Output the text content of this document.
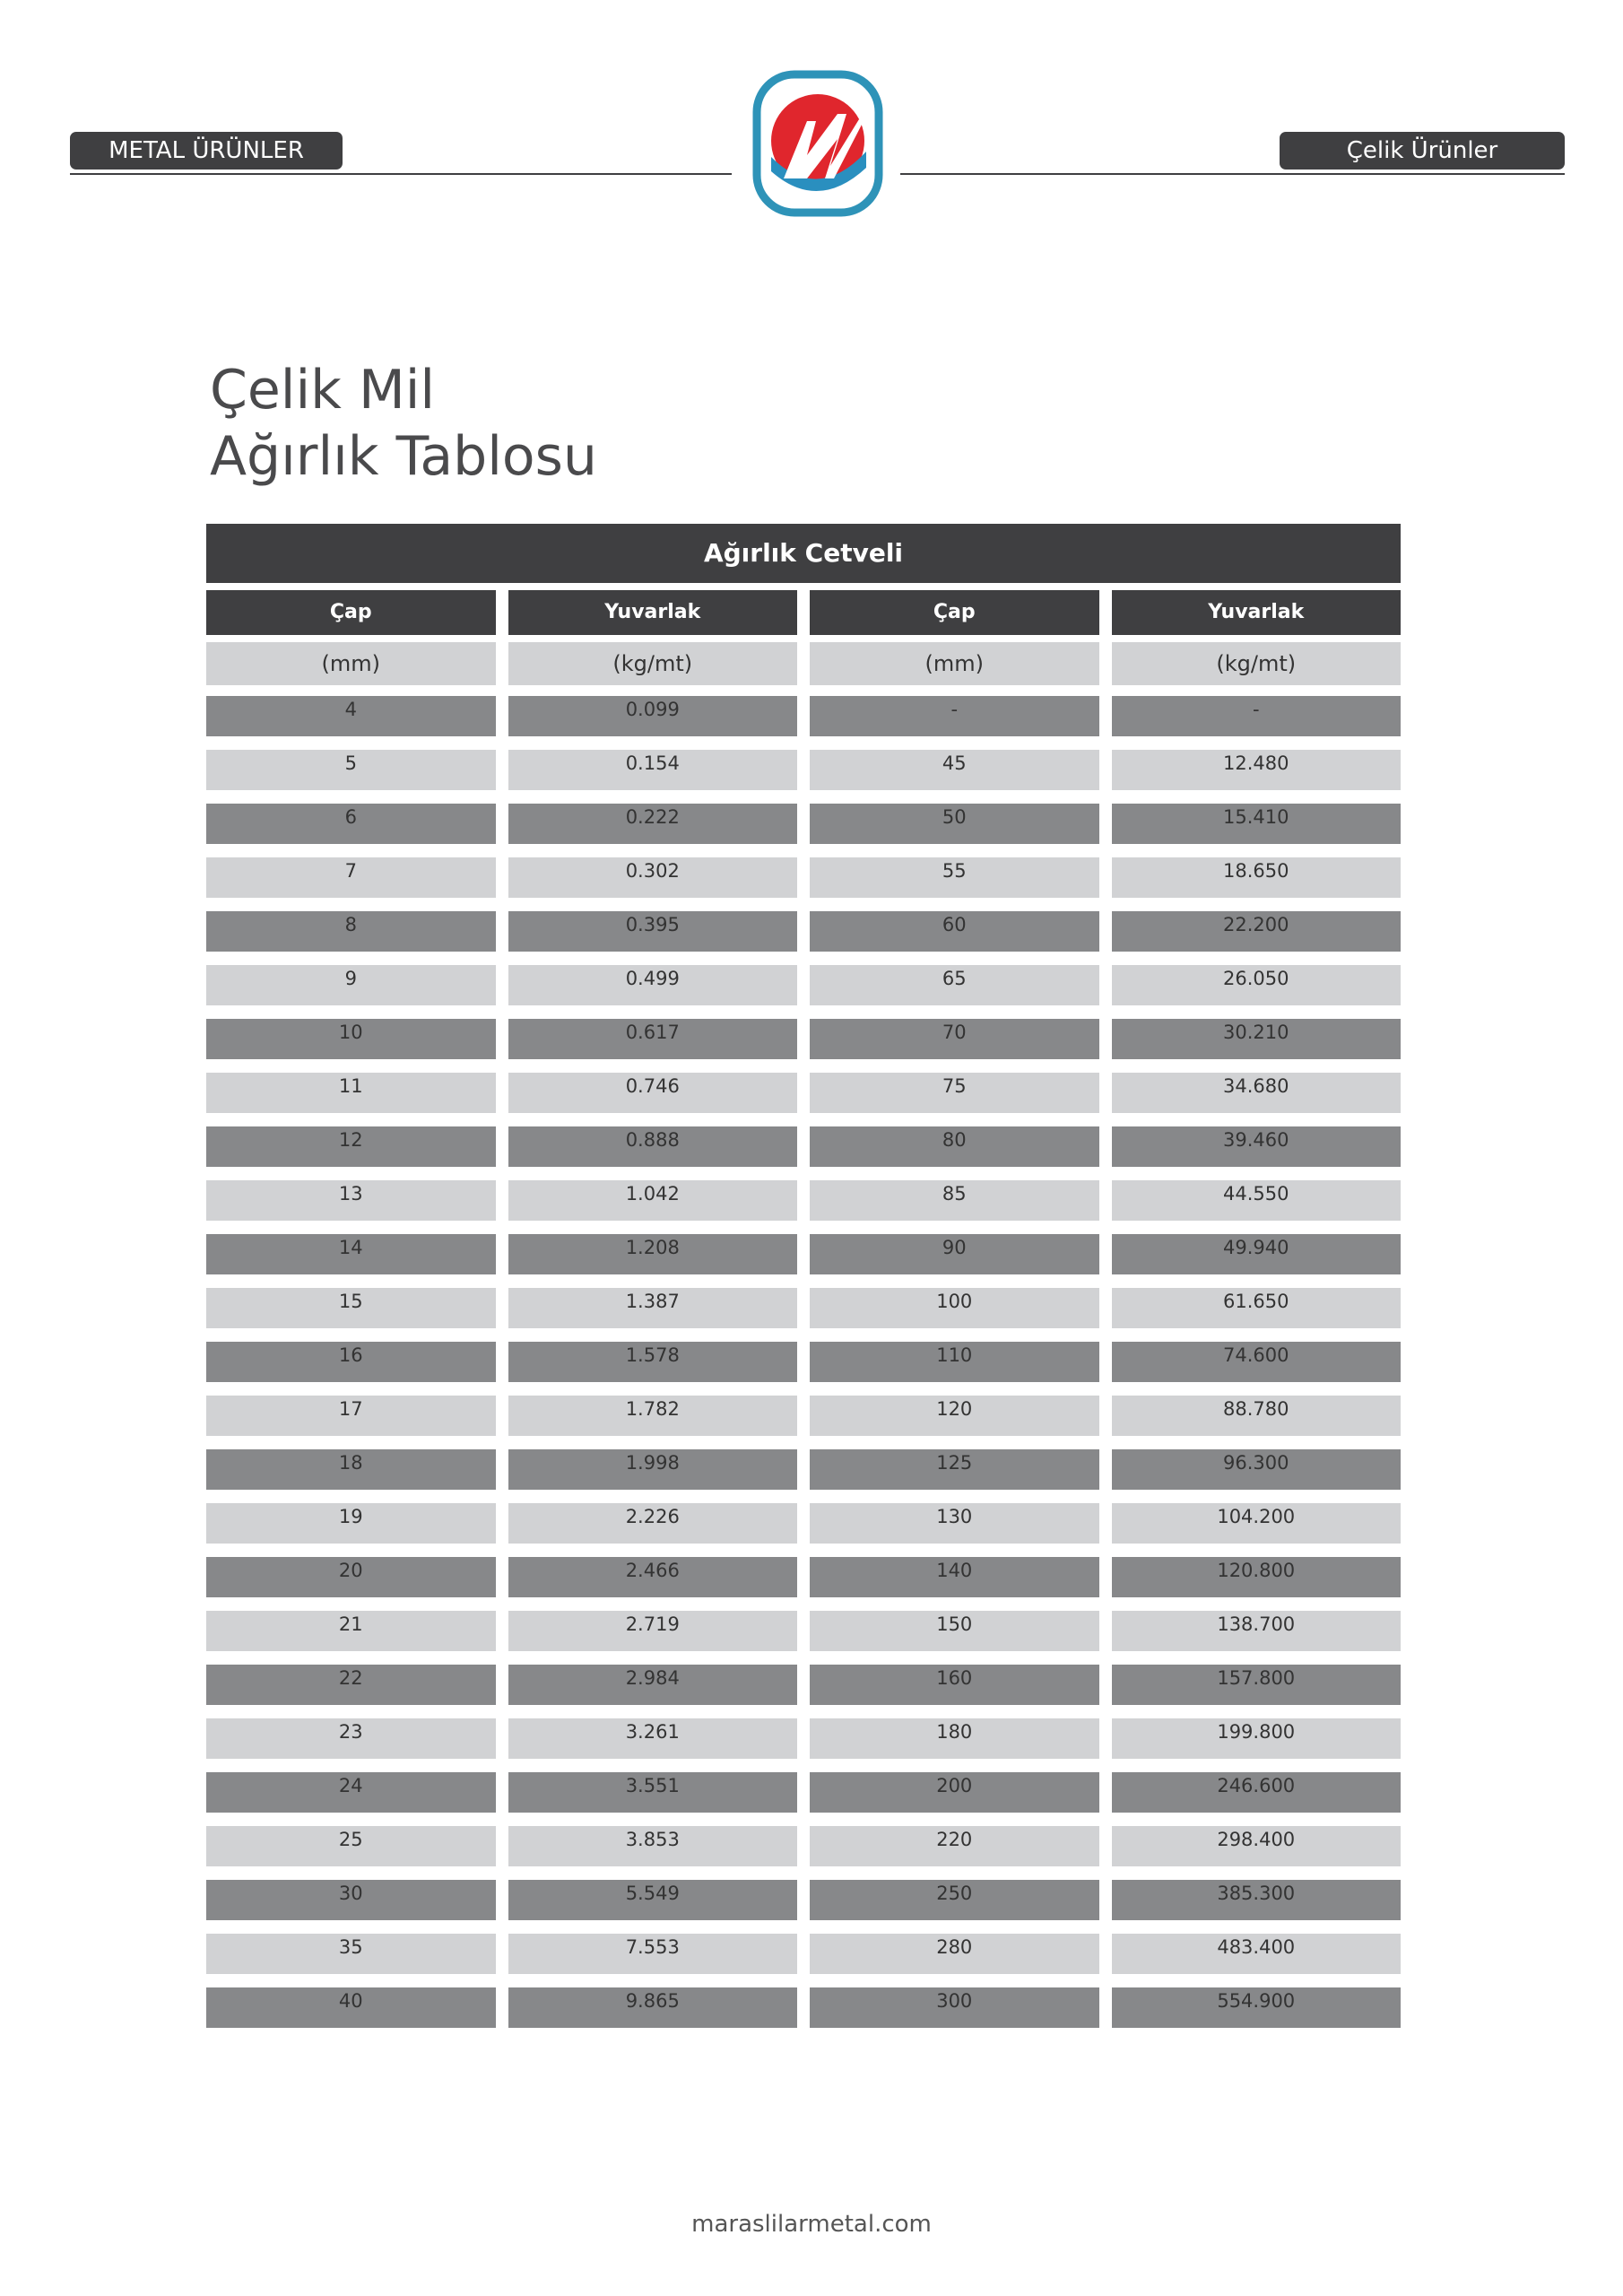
METAL ÜRÜNLER	Çelik Ürünler
Çelik Mil
Ağırlık Tablosu
Ağırlık Cetveli
Çap	Yuvarlak	Çap	Yuvarlak
(mm)	(kg/mt)	(mm)	(kg/mt)
4	0.099	-	-
5	0.154	45	12.480
6	0.222	50	15.410
7	0.302	55	18.650
8	0.395	60	22.200
9	0.499	65	26.050
10	0.617	70	30.210
11	0.746	75	34.680
12	0.888	80	39.460
13	1.042	85	44.550
14	1.208	90	49.940
15	1.387	100	61.650
16	1.578	110	74.600
17	1.782	120	88.780
18	1.998	125	96.300
19	2.226	130	104.200
20	2.466	140	120.800
21	2.719	150	138.700
22	2.984	160	157.800
23	3.261	180	199.800
24	3.551	200	246.600
25	3.853	220	298.400
30	5.549	250	385.300
35	7.553	280	483.400
40	9.865	300	554.900
maraslilarmetal.com
